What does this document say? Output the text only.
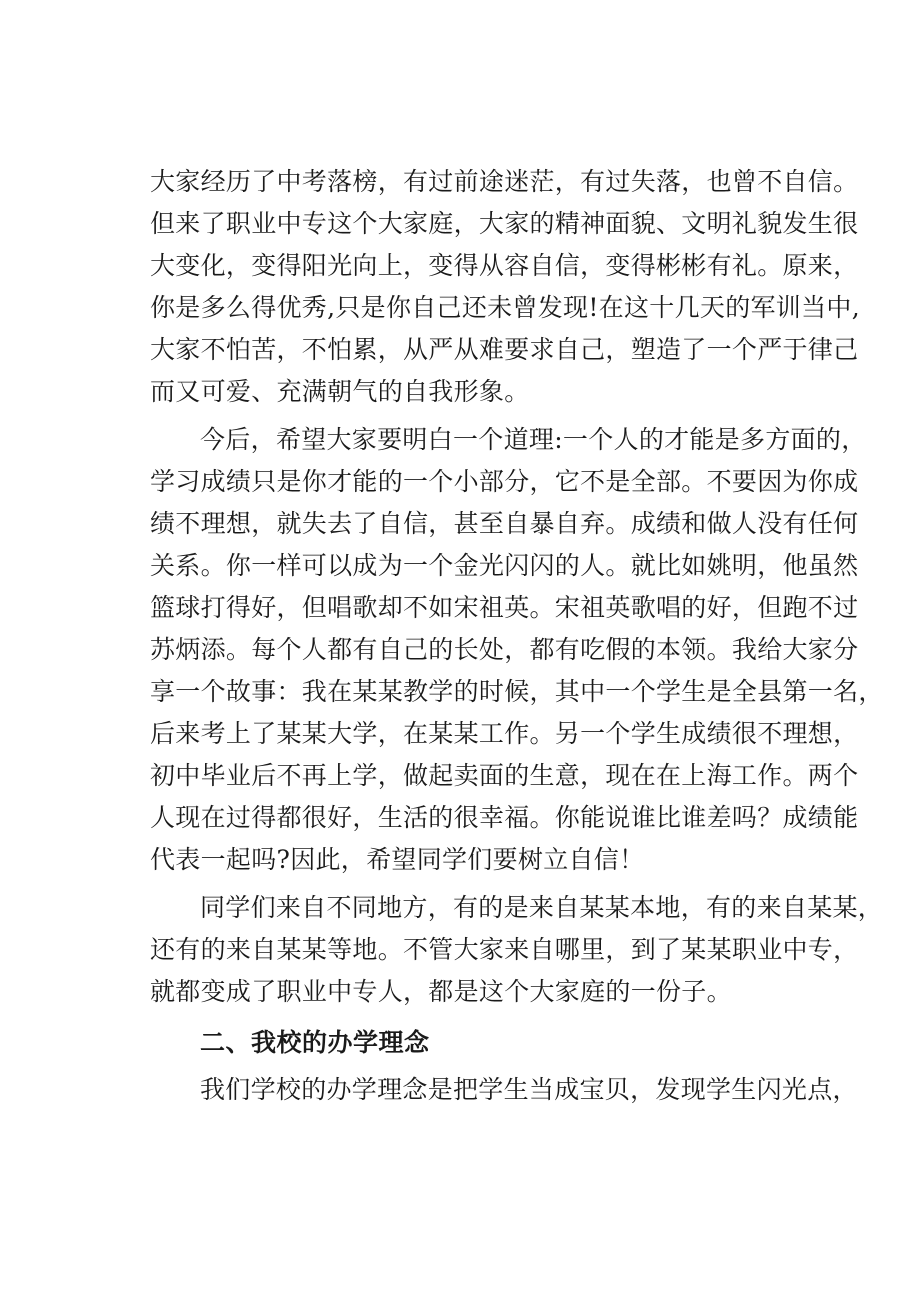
大家经历了中考落榜，有过前途迷茫，有过失落，也曾不自信。
但来了职业中专这个大家庭，大家的精神面貌、文明礼貌发生很
大变化，变得阳光向上，变得从容自信，变得彬彬有礼。原来，
你是多么得优秀,只是你自己还未曾发现!在这十几天的军训当中,
大家不怕苦，不怕累，从严从难要求自己，塑造了一个严于律己
而又可爱、充满朝气的自我形象。
今后，希望大家要明白一个道理:一个人的才能是多方面的，
学习成绩只是你才能的一个小部分，它不是全部。不要因为你成
绩不理想，就失去了自信，甚至自暴自弃。成绩和做人没有任何
关系。你一样可以成为一个金光闪闪的人。就比如姚明，他虽然
篮球打得好，但唱歌却不如宋祖英。宋祖英歌唱的好，但跑不过
苏炳添。每个人都有自己的长处，都有吃假的本领。我给大家分
享一个故事：我在某某教学的时候，其中一个学生是全县第一名，
后来考上了某某大学，在某某工作。另一个学生成绩很不理想，
初中毕业后不再上学，做起卖面的生意，现在在上海工作。两个
人现在过得都很好，生活的很幸福。你能说谁比谁差吗？成绩能
代表一起吗?因此，希望同学们要树立自信！
同学们来自不同地方，有的是来自某某本地，有的来自某某，
还有的来自某某等地。不管大家来自哪里，到了某某职业中专，
就都变成了职业中专人，都是这个大家庭的一份子。
二、我校的办学理念
我们学校的办学理念是把学生当成宝贝，发现学生闪光点，
